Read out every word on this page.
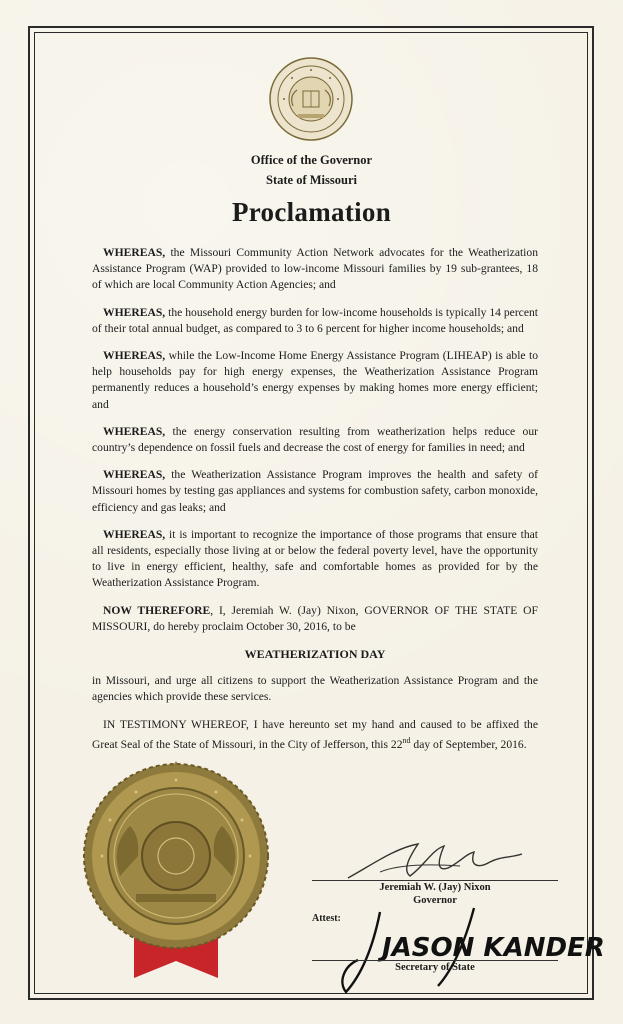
Office of the Governor
State of Missouri
Proclamation

WHEREAS, the Missouri Community Action Network advocates for the Weatherization Assistance Program (WAP) provided to low-income Missouri families by 19 sub-grantees, 18 of which are local Community Action Agencies; and

WHEREAS, the household energy burden for low-income households is typically 14 percent of their total annual budget, as compared to 3 to 6 percent for higher income households; and

WHEREAS, while the Low-Income Home Energy Assistance Program (LIHEAP) is able to help households pay for high energy expenses, the Weatherization Assistance Program permanently reduces a household’s energy expenses by making homes more energy efficient; and

WHEREAS, the energy conservation resulting from weatherization helps reduce our country’s dependence on fossil fuels and decrease the cost of energy for families in need; and

WHEREAS, the Weatherization Assistance Program improves the health and safety of Missouri homes by testing gas appliances and systems for combustion safety, carbon monoxide, efficiency and gas leaks; and

WHEREAS, it is important to recognize the importance of those programs that ensure that all residents, especially those living at or below the federal poverty level, have the opportunity to live in energy efficient, healthy, safe and comfortable homes as provided for by the Weatherization Assistance Program.

NOW THEREFORE, I, Jeremiah W. (Jay) Nixon, GOVERNOR OF THE STATE OF MISSOURI, do hereby proclaim October 30, 2016, to be

WEATHERIZATION DAY

in Missouri, and urge all citizens to support the Weatherization Assistance Program and the agencies which provide these services.

IN TESTIMONY WHEREOF, I have hereunto set my hand and caused to be affixed the Great Seal of the State of Missouri, in the City of Jefferson, this 22nd day of September, 2016.

Jeremiah W. (Jay) Nixon
Governor
Attest:
JASON KANDER
Secretary of State
